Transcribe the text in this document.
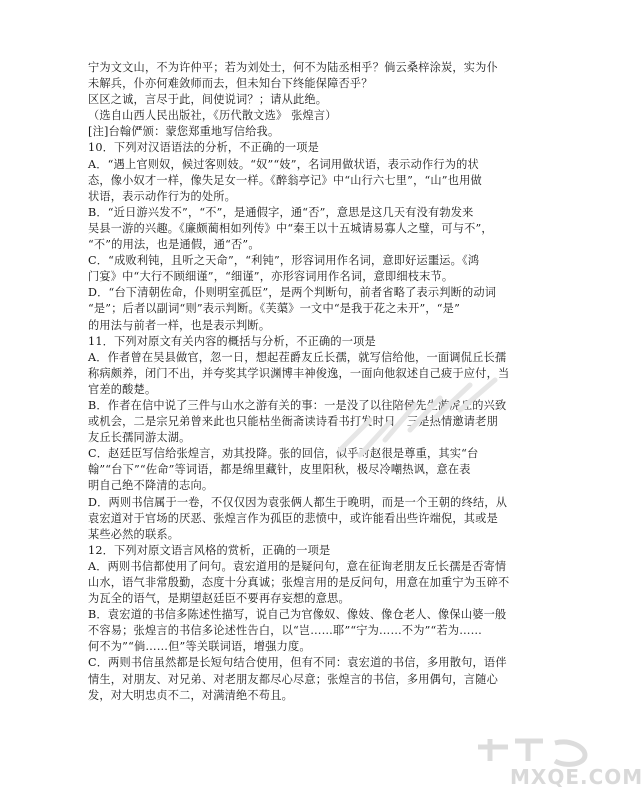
宁为文文山，不为许仲平；若为刘处士，何不为陆丞相乎？倘云桑梓涂炭，实为仆
未解兵，仆亦何难敛师而去，但未知台下终能保障否乎？
区区之诚，言尽于此，间使说词？；请从此绝。
（选自山西人民出版社，《历代散文选》 张煌言）
[注]台翰俨颁：蒙您郑重地写信给我。
10．下列对汉语语法的分析，不正确的一项是
A．“遇上官则奴，候过客则妓。“奴”“妓”，名词用做状语，表示动作行为的状
态，像小奴才一样，像失足女一样。《醉翁亭记》中“山行六七里”，“山”也用做
状语，表示动作行为的处所。
B．“近日游兴发不”，“不”，是通假字，通“否”，意思是这几天有没有勃发来
吴县一游的兴趣。《廉颇蔺相如列传》中“秦王以十五城请易寡人之璧，可与不”，
“不”的用法，也是通假，通“否”。
C．“成败利钝，且听之天命”，“利钝”，形容词用作名词，意即好运噩运。《鸿
门宴》中“大行不顾细谨”，“细谨”，亦形容词用作名词，意即细枝末节。
D．“台下清朝佐命，仆则明室孤臣”，是两个判断句，前者省略了表示判断的动词
“是”；后者以副词“则”表示判断。《芙蕖》一文中“是我于花之未开”，“是”
的用法与前者一样，也是表示判断。
11．下列对原文有关内容的概括与分析，不正确的一项是
A．作者曾在吴县做官，忽一日，想起茬爵友丘长孺，就写信给他，一面调侃丘长孺
称病颇养，闭门不出，并夸奖其学识渊博丰神俊逸，一面向他叙述自己疲于应付，当
官差的酸楚。
B．作者在信中说了三件与山水之游有关的事：一是没了以往陪侯先生游虎丘的兴致
或机会，二是宗兄弟曾来此也只能枯坐衙斋读诗看书打发时日，三是热情邀请老朋
友丘长孺同游太湖。
C．赵廷臣写信给张煌言，劝其投降。张的回信，似乎对赵很是尊重，其实“台
翰”“台下”“佐命”等词语，都是绵里藏针，皮里阳秋，极尽冷嘲热讽，意在表
明自己绝不降清的志向。
D．两则书信属于一卷，不仅仅因为袁张俩人都生于晚明，而是一个王朝的终结，从
袁宏道对于官场的厌恶、张煌言作为孤臣的悲愤中，或许能看出些许端倪，其或是
某些必然的联系。
12．下列对原文语言风格的赏析，正确的一项是
A．两则书信都使用了问句。袁宏道用的是疑问句，意在征询老朋友丘长孺是否寄情
山水，语气非常殷勤，态度十分真诚；张煌言用的是反问句，用意在加重宁为玉碎不
为瓦全的语气，是期望赵廷臣不要再存妄想的意思。
B．袁宏道的书信多陈述性描写，说自己为官像奴、像妓、像仓老人、像保山婆一般
不容易；张煌言的书信多论述性告白，以“岂……耶”“宁为……不为”“若为……
何不为”“倘……但”等关联词语，增强力度。
C．两则书信虽然都是长短句结合使用，但有不同：袁宏道的书信，多用散句，语伴
情生，对朋友、对兄弟、对老朋友都尽心尽意；张煌言的书信，多用偶句，言随心
发，对大明忠贞不二，对满清绝不苟且。
MXQE.COM
